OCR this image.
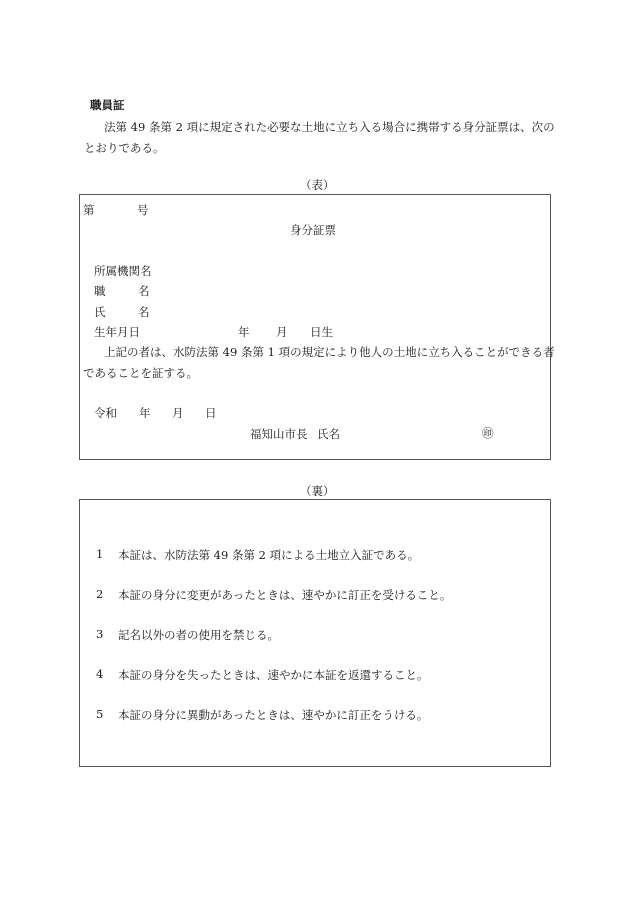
職員証
法第 49 条第 2 項に規定された必要な土地に立ち入る場合に携帯する身分証票は、次の
とおりである。
（表）
第	号
身分証票
所属機関名
職	名
氏	名
生年月日	年 月 日生
上記の者は、水防法第 49 条第 1 項の規定により他人の土地に立ち入ることができる者
であることを証する。
令和 年 月 日
福知山市長 氏名	㊞
（裏）
1 本証は、水防法第 49 条第 2 項による土地立入証である。
2 本証の身分に変更があったときは、速やかに訂正を受けること。
3 記名以外の者の使用を禁じる。
4 本証の身分を失ったときは、速やかに本証を返還すること。
5 本証の身分に異動があったときは、速やかに訂正をうける。
